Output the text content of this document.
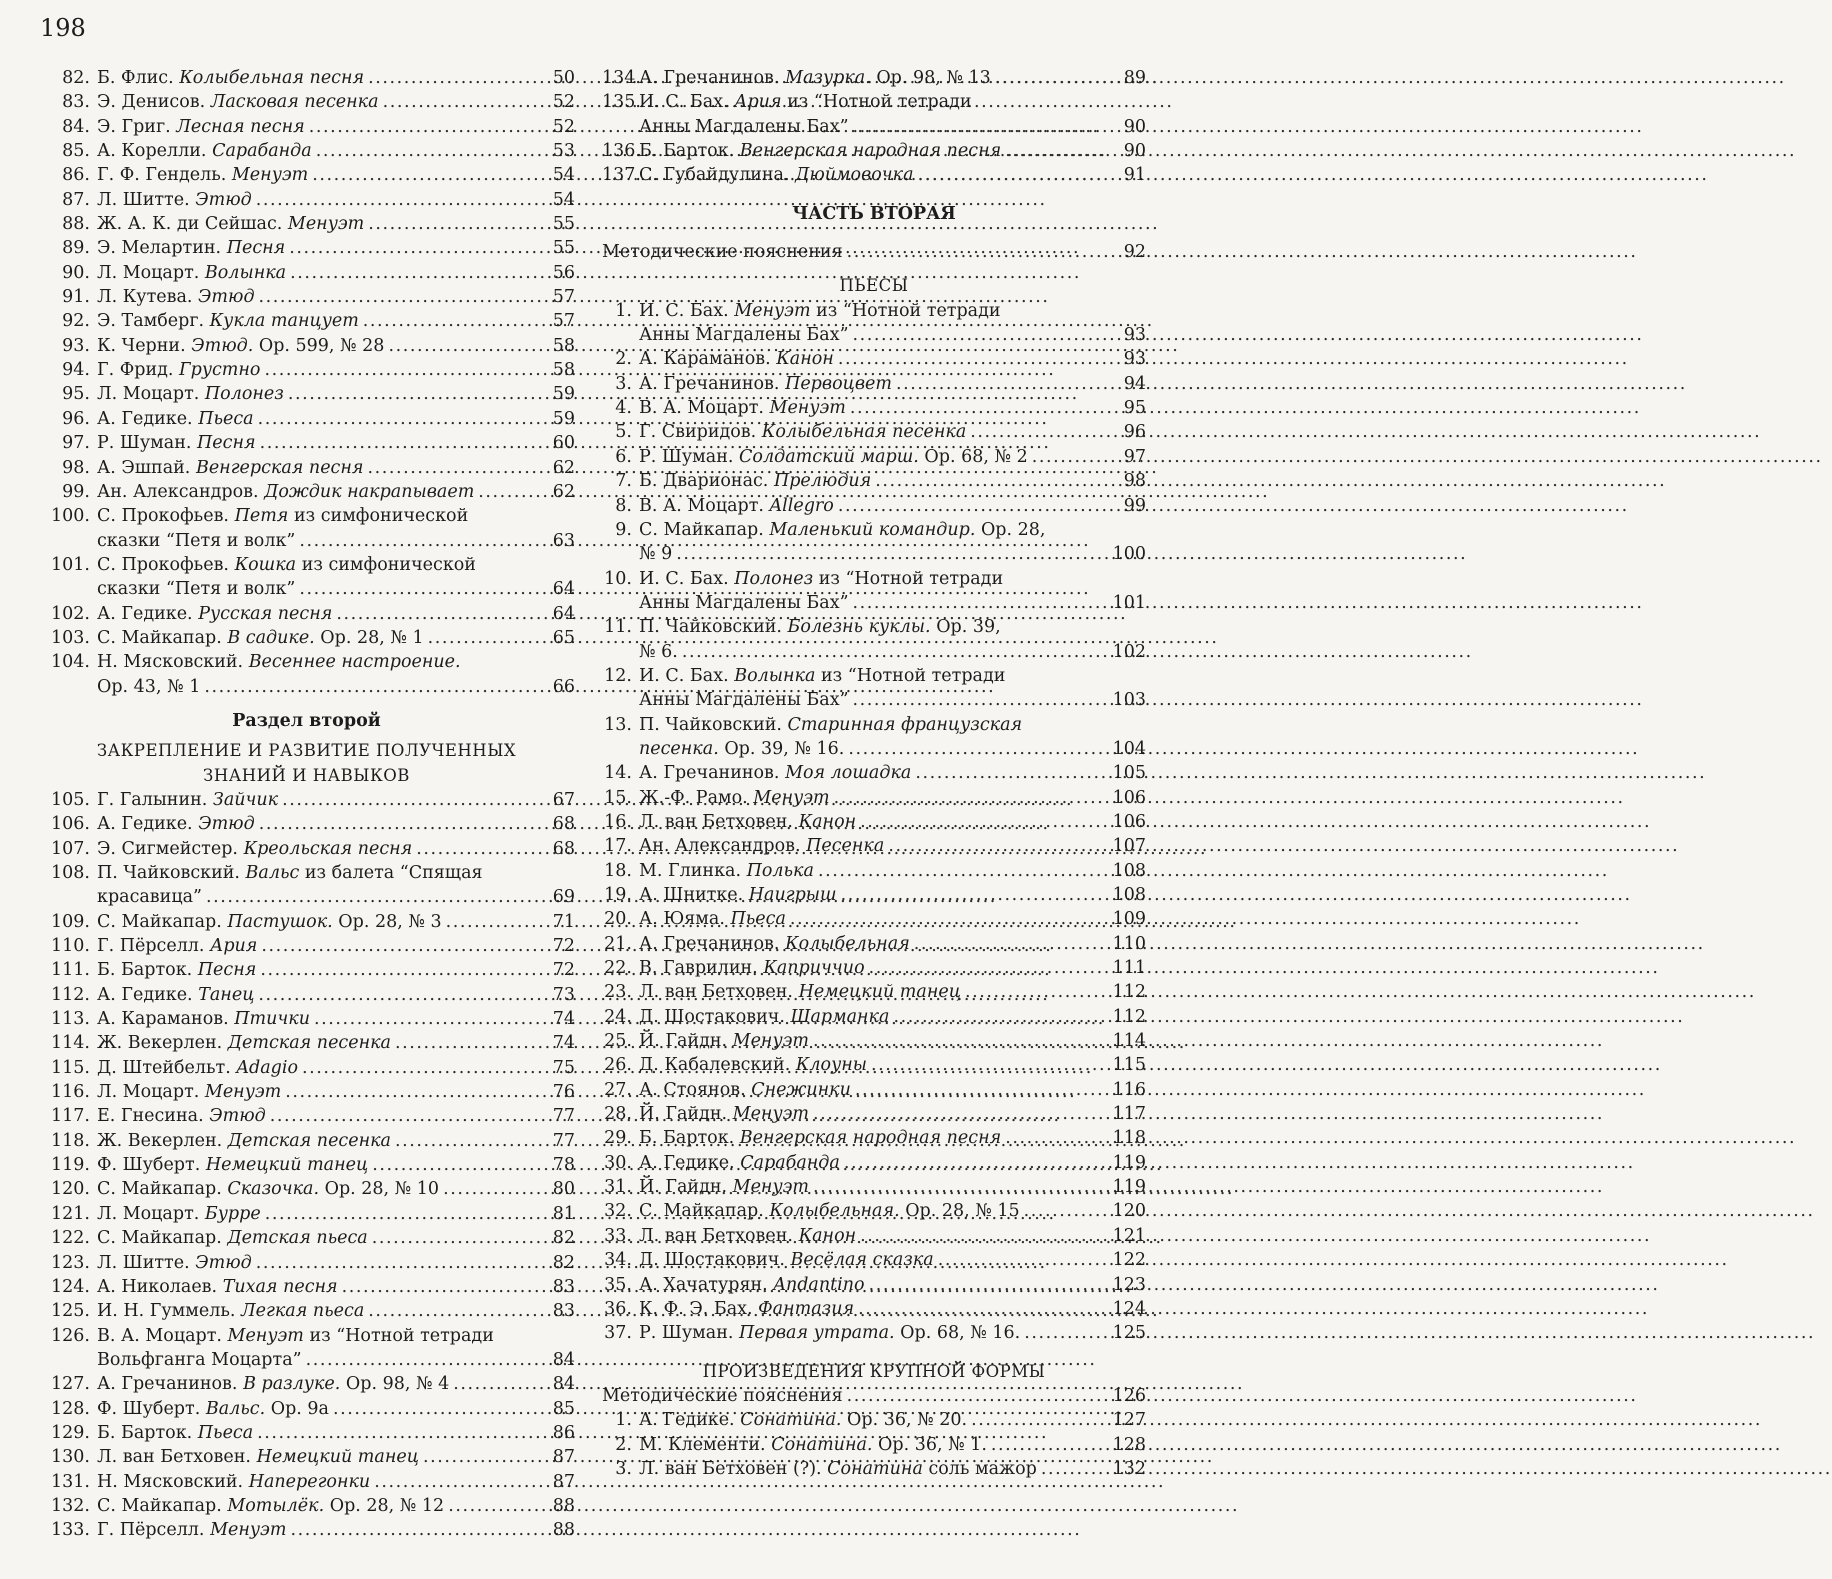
198
82. Б. Флис. Колыбельная песня . . .	50
83. Э. Денисов. Ласковая песенка . . .	52
84. Э. Григ. Лесная песня . . .	52
85. А. Корелли. Сарабанда . . .	53
86. Г. Ф. Гендель. Менуэт . . .	54
87. Л. Шитте. Этюд . . .	54
88. Ж. А. К. ди Сейшас. Менуэт . . .	55
89. Э. Мелартин. Песня . . .	55
90. Л. Моцарт. Волынка . . .	56
91. Л. Кутева. Этюд . . .	57
92. Э. Тамберг. Кукла танцует . . .	57
93. К. Черни. Этюд. Ор. 599, № 28 . . .	58
94. Г. Фрид. Грустно . . .	58
95. Л. Моцарт. Полонез . . .	59
96. А. Гедике. Пьеса . . .	59
97. Р. Шуман. Песня . . .	60
98. А. Эшпай. Венгерская песня . . .	62
99. Ан. Александров. Дождик накрапывает . . .	62
100. С. Прокофьев. Петя из симфонической
сказки “Петя и волк” . . .	63
101. С. Прокофьев. Кошка из симфонической
сказки “Петя и волк” . . .	64
102. А. Гедике. Русская песня . . .	64
103. С. Майкапар. В садике. Ор. 28, № 1 . . .	65
104. Н. Мясковский. Весеннее настроение.
Ор. 43, № 1 . . .	66
Раздел второй
ЗАКРЕПЛЕНИЕ И РАЗВИТИЕ ПОЛУЧЕННЫХ
ЗНАНИЙ И НАВЫКОВ
105. Г. Галынин. Зайчик . . .	67
106. А. Гедике. Этюд . . .	68
107. Э. Сигмейстер. Креольская песня . . .	68
108. П. Чайковский. Вальс из балета “Спящая
красавица” . . .	69
109. С. Майкапар. Пастушок. Ор. 28, № 3 . . .	71
110. Г. Пёрселл. Ария . . .	72
111. Б. Барток. Песня . . .	72
112. А. Гедике. Танец . . .	73
113. А. Караманов. Птички . . .	74
114. Ж. Векерлен. Детская песенка . . .	74
115. Д. Штейбельт. Adagio . . .	75
116. Л. Моцарт. Менуэт . . .	76
117. Е. Гнесина. Этюд . . .	77
118. Ж. Векерлен. Детская песенка . . .	77
119. Ф. Шуберт. Немецкий танец . . .	78
120. С. Майкапар. Сказочка. Ор. 28, № 10 . . .	80
121. Л. Моцарт. Бурре . . .	81
122. С. Майкапар. Детская пьеса . . .	82
123. Л. Шитте. Этюд . . .	82
124. А. Николаев. Тихая песня . . .	83
125. И. Н. Гуммель. Легкая пьеса . . .	83
126. В. А. Моцарт. Менуэт из “Нотной тетради
Вольфганга Моцарта” . . .	84
127. А. Гречанинов. В разлуке. Ор. 98, № 4 . . .	84
128. Ф. Шуберт. Вальс. Ор. 9а . . .	85
129. Б. Барток. Пьеса . . .	86
130. Л. ван Бетховен. Немецкий танец . . .	87
131. Н. Мясковский. Наперегонки . . .	87
132. С. Майкапар. Мотылёк. Ор. 28, № 12 . . .	88
133. Г. Пёрселл. Менуэт . . .	88
134.
А. Гречанинов. Мазурка. Ор. 98, № 13 . . .	89
135.
И. С. Бах. Ария из “Нотной тетради
Анны Магдалены Бах” . . .	90
136.
Б. Барток. Венгерская народная песня . . .	90
137.
С. Губайдулина. Дюймовочка . . .	91
ЧАСТЬ ВТОРАЯ
Методические пояснения . . .	92
ПЬЕСЫ
1. И. С. Бах. Менуэт из “Нотной тетради
Анны Магдалены Бах” . . .	93
2. А. Караманов. Канон . . .	93
3. А. Гречанинов. Первоцвет . . .	94
4. В. А. Моцарт. Менуэт . . .	95
5. Г. Свиридов. Колыбельная песенка . . .	96
6. Р. Шуман. Солдатский марш. Ор. 68, № 2 . . .	97
7. Б. Дварионас. Прелюдия . . .	98
8. В. А. Моцарт. Allegro . . .	99
9. С. Майкапар. Маленький командир. Ор. 28,
№ 9 . . .	100
10. И. С. Бах. Полонез из “Нотной тетради
Анны Магдалены Бах” . . .	101
11. П. Чайковский. Болезнь куклы. Ор. 39,
№ 6. . . .	102
12. И. С. Бах. Волынка из “Нотной тетради
Анны Магдалены Бах” . . .	103
13. П. Чайковский. Старинная французская
песенка. Ор. 39, № 16. . . .	104
14. А. Гречанинов. Моя лошадка . . .	105
15. Ж.-Ф. Рамо. Менуэт . . .	106
16. Л. ван Бетховен. Канон . . .	106
17. Ан. Александров. Песенка . . .	107
18. М. Глинка. Полька . . .	108
19. А. Шнитке. Наигрыш . . .	108
20. А. Юяма. Пьеса . . .	109
21. А. Гречанинов. Колыбельная . . .	110
22. В. Гаврилин. Каприччио . . .	111
23. Л. ван Бетховен. Немецкий танец . . .	112
24. Д. Шостакович. Шарманка . . .	112
25. Й. Гайдн. Менуэт . . .	114
26. Д. Кабалевский. Клоуны . . .	115
27. А. Стоянов. Снежинки . . .	116
28. Й. Гайдн. Менуэт . . .	117
29. Б. Барток. Венгерская народная песня . . .	118
30. А. Гедике. Сарабанда . . .	119
31. Й. Гайдн. Менуэт . . .	119
32. С. Майкапар. Колыбельная. Ор. 28, № 15 . . .	120
33. Л. ван Бетховен. Канон . . .	121
34. Д. Шостакович. Весёлая сказка . . .	122
35. А. Хачатурян. Andantino . . .	123
36. К. Ф. Э. Бах. Фантазия . . .	124
37. Р. Шуман. Первая утрата. Ор. 68, № 16. . . .	125
ПРОИЗВЕДЕНИЯ КРУПНОЙ ФОРМЫ
Методические пояснения . . .	126
1. А. Гедике. Сонатина. Ор. 36, № 20. . . .	127
2. М. Клементи. Сонатина. Ор. 36, № 1. . . .	128
3. Л. ван Бетховен (?). Сонатина соль мажор . . .	132
